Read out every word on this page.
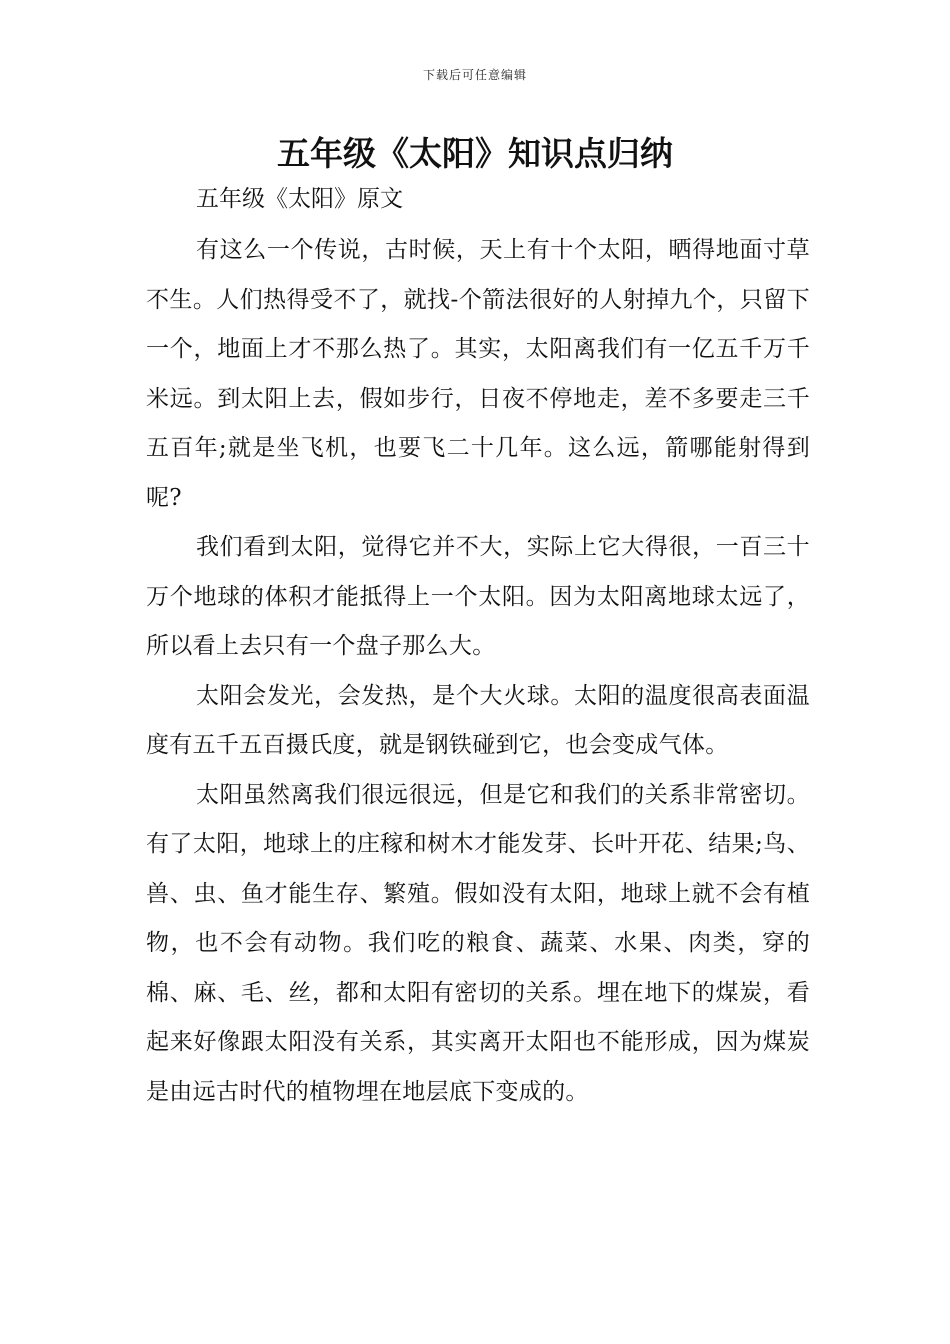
下载后可任意编辑
五年级《太阳》知识点归纳
五年级《太阳》原文

有这么一个传说，古时候，天上有十个太阳，晒得地面寸草不生。人们热得受不了，就找-个箭法很好的人射掉九个，只留下一个，地面上才不那么热了。其实，太阳离我们有一亿五千万千米远。到太阳上去，假如步行，日夜不停地走，差不多要走三千五百年;就是坐飞机，也要飞二十几年。这么远，箭哪能射得到呢?

我们看到太阳，觉得它并不大，实际上它大得很，一百三十万个地球的体积才能抵得上一个太阳。因为太阳离地球太远了，所以看上去只有一个盘子那么大。

太阳会发光，会发热，是个大火球。太阳的温度很高表面温度有五千五百摄氏度，就是钢铁碰到它，也会变成气体。

太阳虽然离我们很远很远，但是它和我们的关系非常密切。有了太阳，地球上的庄稼和树木才能发芽、长叶开花、结果;鸟、兽、虫、鱼才能生存、繁殖。假如没有太阳，地球上就不会有植物，也不会有动物。我们吃的粮食、蔬菜、水果、肉类，穿的棉、麻、毛、丝，都和太阳有密切的关系。埋在地下的煤炭，看起来好像跟太阳没有关系，其实离开太阳也不能形成，因为煤炭是由远古时代的植物埋在地层底下变成的。
